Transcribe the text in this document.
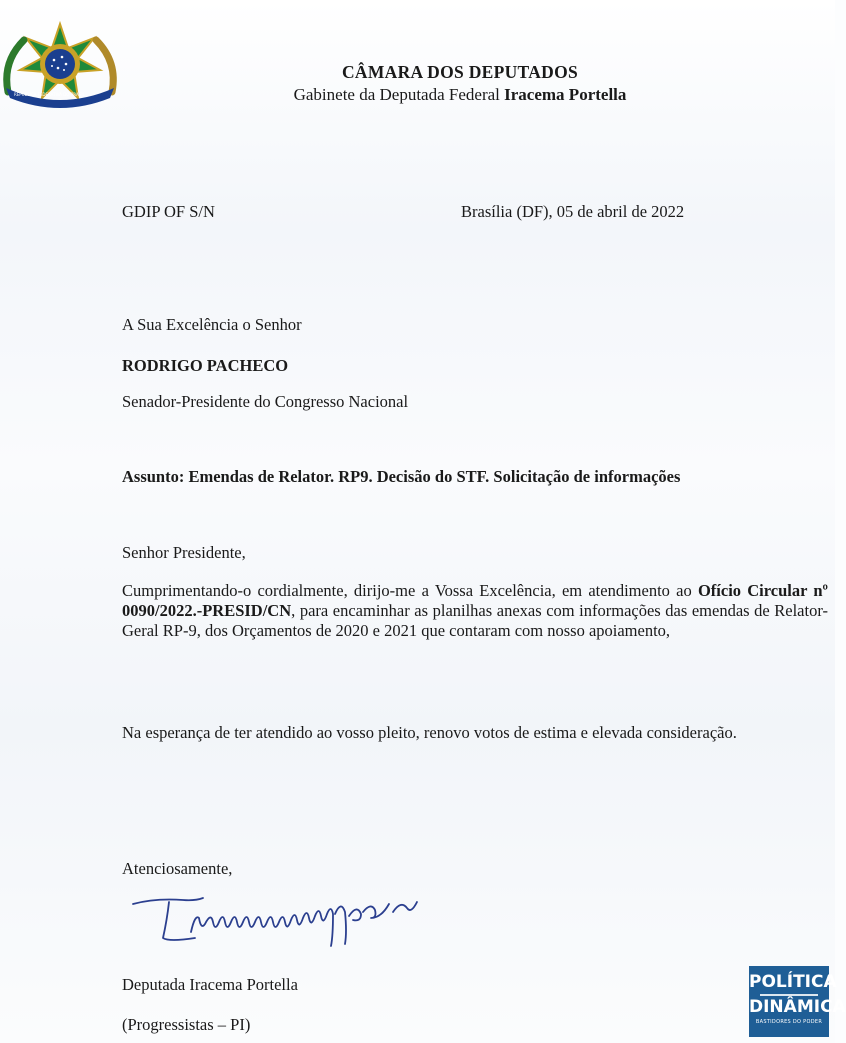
REPÚBLICA FEDERATIVA DO BRASIL
CÂMARA DOS DEPUTADOS
Gabinete da Deputada Federal Iracema Portella
GDIP OF S/N	Brasília (DF), 05 de abril de 2022
A Sua Excelência o Senhor
RODRIGO PACHECO
Senador-Presidente do Congresso Nacional
Assunto: Emendas de Relator. RP9. Decisão do STF. Solicitação de informações
Senhor Presidente,
Cumprimentando-o cordialmente, dirijo-me a Vossa Excelência, em atendimento ao Ofício Circular nº 0090/2022.-PRESID/CN, para encaminhar as planilhas anexas com informações das emendas de Relator-Geral RP-9, dos Orçamentos de 2020 e 2021 que contaram com nosso apoiamento,
Na esperança de ter atendido ao vosso pleito, renovo votos de estima e elevada consideração.
Atenciosamente,
Deputada Iracema Portella
(Progressistas – PI)
POLÍTICA
DINÂMICA
BASTIDORES DO PODER
